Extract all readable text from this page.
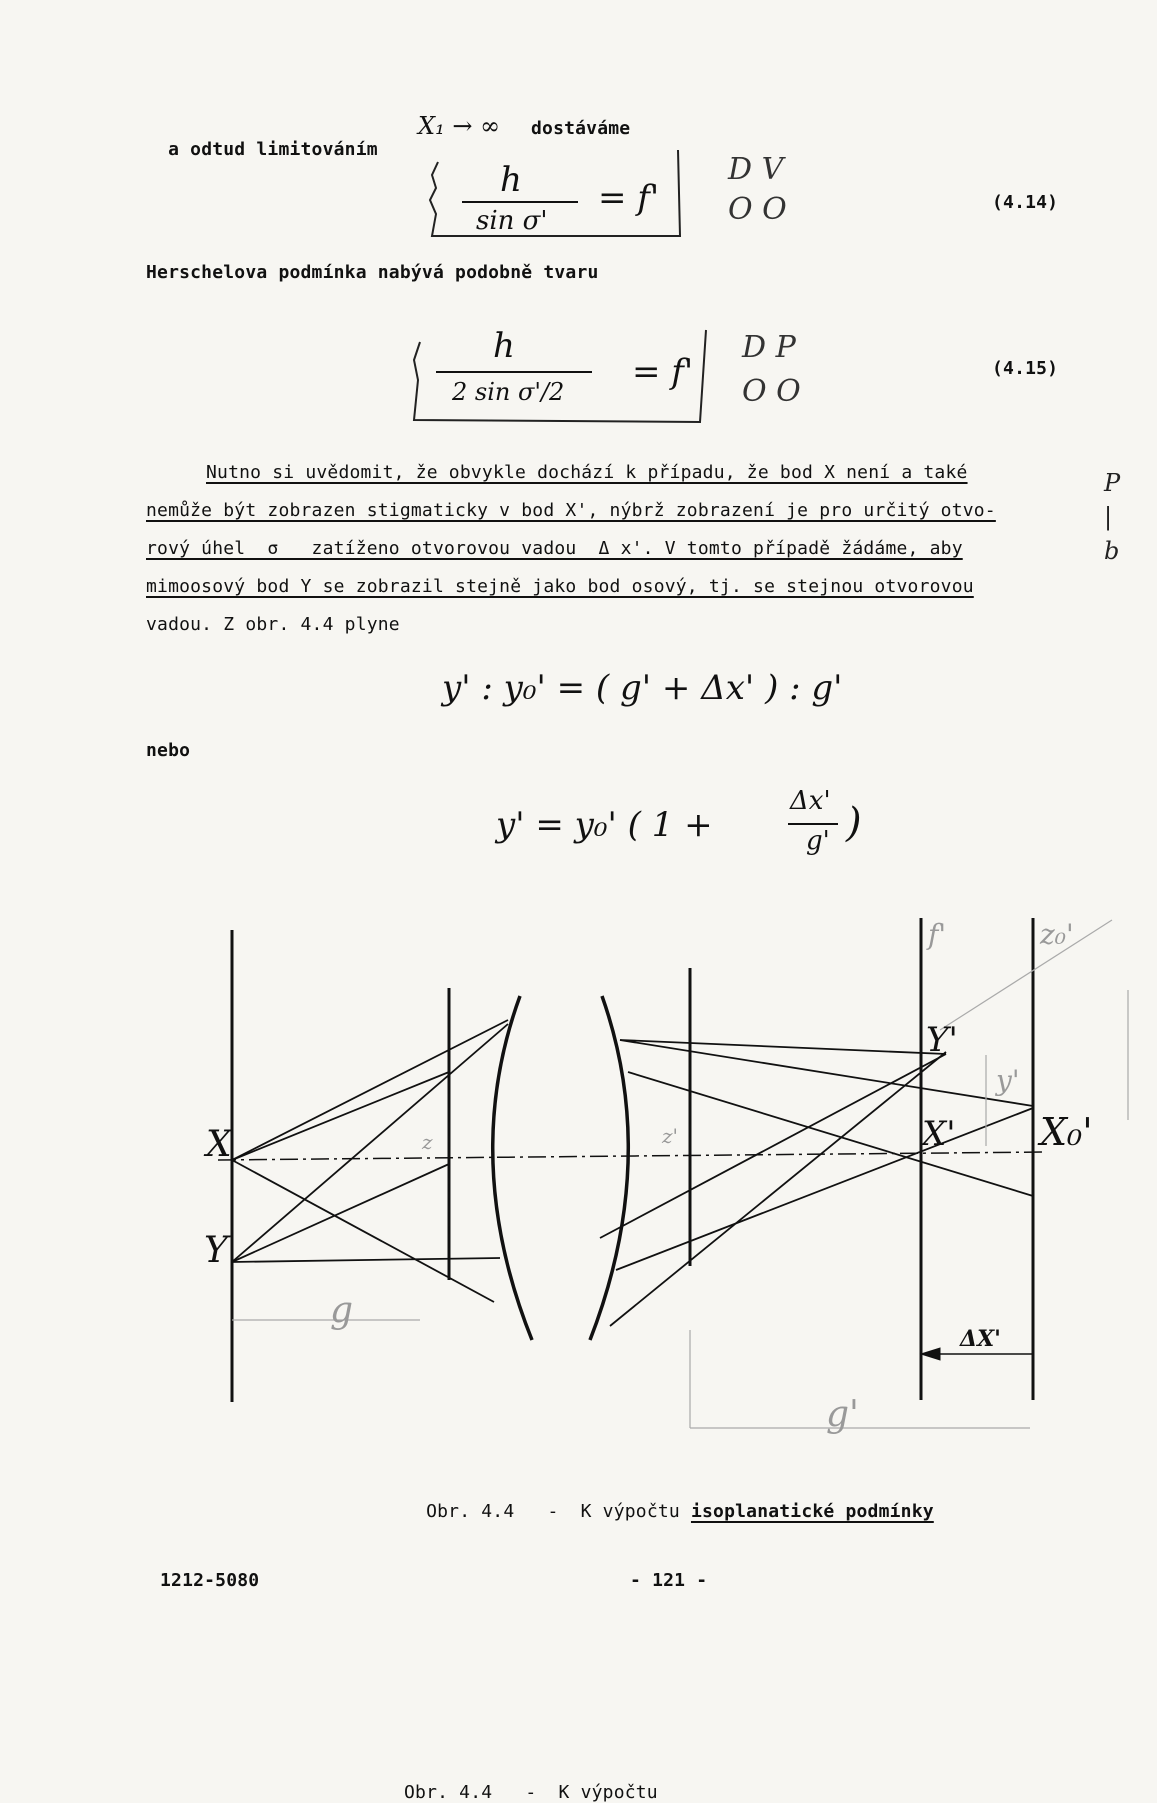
a odtud limitováním

X₁ → ∞ dostáváme
h
sin σ'
= f'
D V
O O	(4.14)
Herschelova podmínka nabývá podobně tvaru
h
2 sin σ'/2 = f'
D P
O O
(4.15)
Nutno si uvědomit, že obvykle dochází k případu, že bod X není a také
nemůže být zobrazen stigmaticky v bod X', nýbrž zobrazení je pro určitý otvo-
rový úhel  σ   zatíženo otvorovou vadou  Δ x'. V tomto případě žádáme, aby
mimoosový bod Y se zobrazil stejně jako bod osový, tj. se stejnou otvorovou
vadou. Z obr. 4.4 plyne
P
|
b
y' : y₀' = ( g' + Δx' ) : g'
nebo
y' = y₀' ( 1 +
Δx'
g' )
X
Y
z	z'
Y'
X' X₀'
ΔX'
g
g'
y'
f'	z₀'

Obr. 4.4   -  K výpočtu

Obr. 4.4   -  K výpočtu isoplanatické podmínky

1212-5080	- 121 -
